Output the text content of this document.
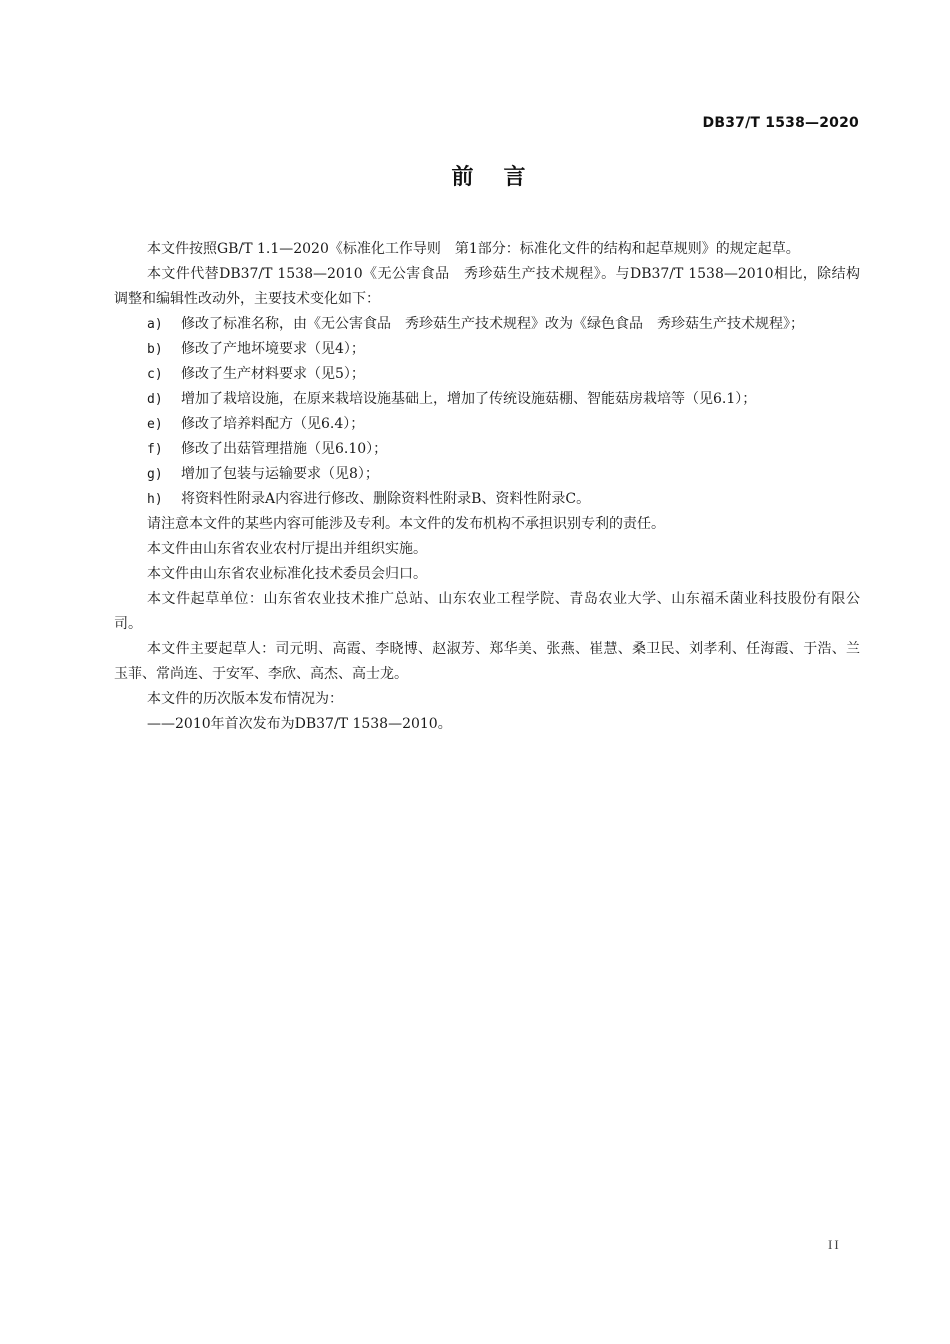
DB37/T 1538—2020
前言

本文件按照GB/T 1.1—2020《标准化工作导则　第1部分：标准化文件的结构和起草规则》的规定起草。

本文件代替DB37/T 1538—2010《无公害食品　秀珍菇生产技术规程》。与DB37/T 1538—2010相比，除结构调整和编辑性改动外，主要技术变化如下：

a)	修改了标准名称，由《无公害食品　秀珍菇生产技术规程》改为《绿色食品　秀珍菇生产技术规程》；
b)	修改了产地坏境要求（见4）；
c)	修改了生产材料要求（见5）；
d)	增加了栽培设施，在原来栽培设施基础上，增加了传统设施菇棚、智能菇房栽培等（见6.1）；
e)	修改了培养料配方（见6.4）；
f)	修改了出菇管理措施（见6.10）；
g)	增加了包装与运输要求（见8）；
h)	将资料性附录A内容进行修改、删除资料性附录B、资料性附录C。

请注意本文件的某些内容可能涉及专利。本文件的发布机构不承担识别专利的责任。

本文件由山东省农业农村厅提出并组织实施。

本文件由山东省农业标准化技术委员会归口。

本文件起草单位：山东省农业技术推广总站、山东农业工程学院、青岛农业大学、山东福禾菌业科技股份有限公司。

本文件主要起草人：司元明、高霞、李晓博、赵淑芳、郑华美、张燕、崔慧、桑卫民、刘孝利、任海霞、于浩、兰玉菲、常尚连、于安军、李欣、高杰、高士龙。

本文件的历次版本发布情况为：

——2010年首次发布为DB37/T 1538—2010。

II
